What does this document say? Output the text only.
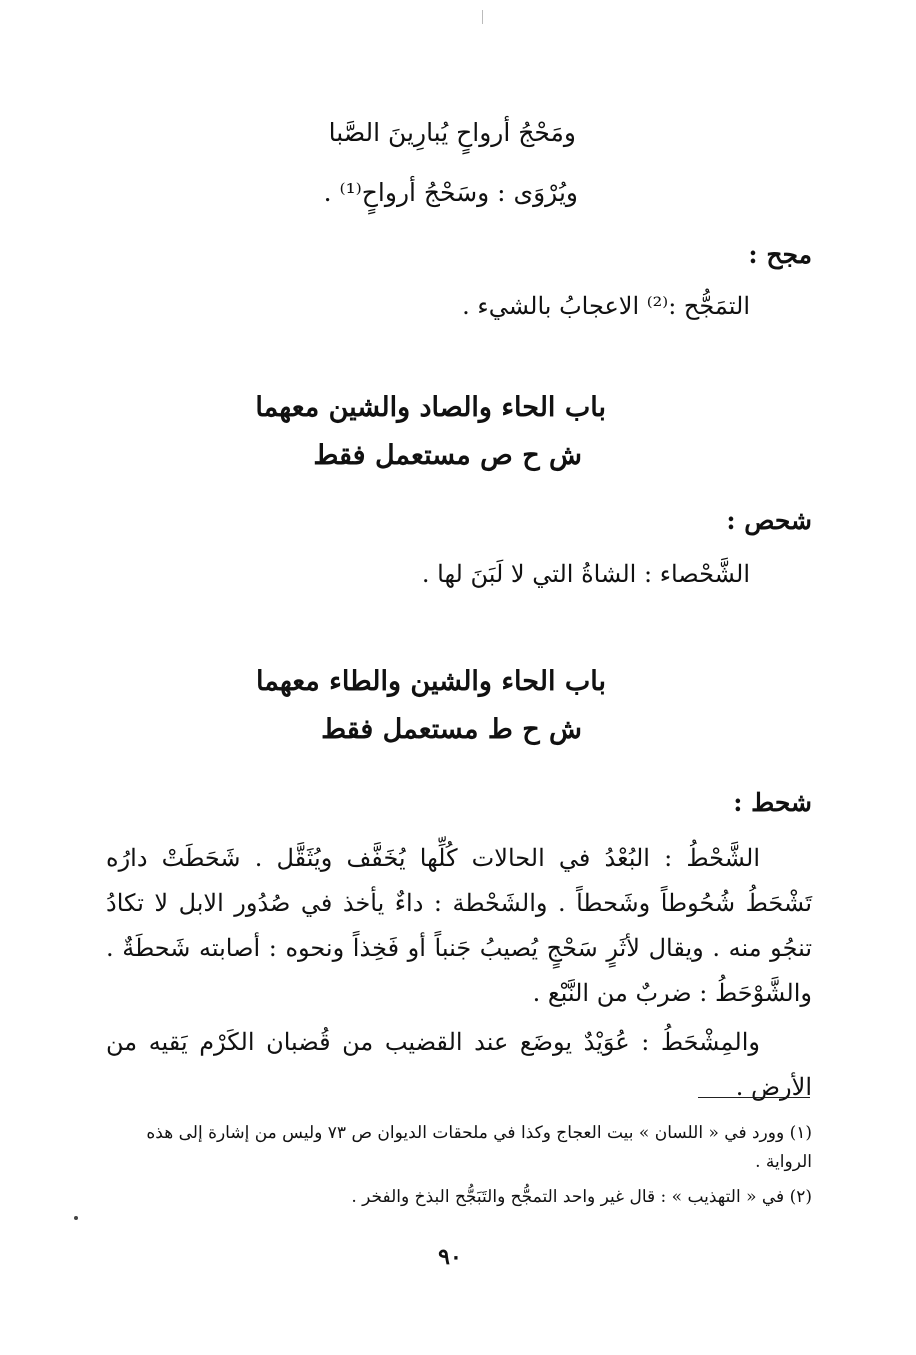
ومَحْجُ أرواحٍ يُبارِينَ الصَّبا
ويُرْوَى : وسَحْجُ أرواحٍ⁽¹⁾ .
مجح :
التمَجُّح :⁽²⁾ الاعجابُ بالشيء .
باب الحاء والصاد والشين معهما
ش ح ص مستعمل فقط
شحص :
الشَّحْصاء : الشاةُ التي لا لَبَنَ لها .
باب الحاء والشين والطاء معهما
ش ح ط مستعمل فقط
شحط :
الشَّحْطُ : البُعْدُ في الحالات كُلِّها يُخَفَّف ويُثَقَّل . شَحَطَتْ دارُه تَشْحَطُ شُحُوطاً وشَحطاً . والشَحْطة : داءٌ يأخذ في صُدُور الابل لا تكادُ تنجُو منه . ويقال لأثَرٍ سَحْجٍ يُصيبُ جَنباً أو فَخِذاً ونحوه : أصابته شَحطَةٌ . والشَّوْحَطُ : ضربٌ من النَّبْع .
والمِشْحَطُ : عُوَيْدٌ يوضَع عند القضيب من قُضبان الكَرْم يَقيه من الأرض .
(١) وورد في « اللسان » بيت العجاج وكذا في ملحقات الديوان ص ٧٣ وليس من إشارة إلى هذه الرواية .
(٢) في « التهذيب » : قال غير واحد التمجُّح والتَبَجُّح البذخ والفخر .
٩٠
